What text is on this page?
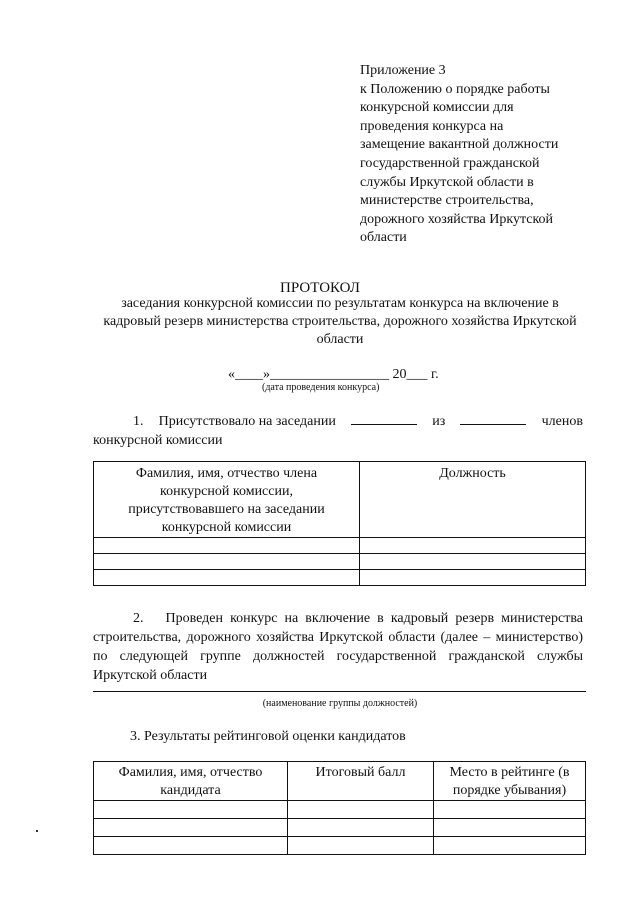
Приложение 3
к Положению о порядке работы
конкурсной комиссии для
проведения конкурса на
замещение вакантной должности
государственной гражданской
службы Иркутской области в
министерстве строительства,
дорожного хозяйства Иркутской
области
ПРОТОКОЛ
заседания конкурсной комиссии по результатам конкурса на включение в кадровый резерв министерства строительства, дорожного хозяйства Иркутской области
«____»_________________ 20___ г.
(дата проведения конкурса)
1. Присутствовало на заседании	из	членов
конкурсной комиссии
Фамилия, имя, отчество члена конкурсной комиссии, присутствовавшего на заседании конкурсной комиссии	Должность

2. Проведен конкурс на включение в кадровый резерв министерства строительства, дорожного хозяйства Иркутской области (далее – министерство) по следующей группе должностей государственной гражданской службы Иркутской области
(наименование группы должностей)
3. Результаты рейтинговой оценки кандидатов
Фамилия, имя, отчество кандидата	Итоговый балл	Место в рейтинге (в порядке убывания)
